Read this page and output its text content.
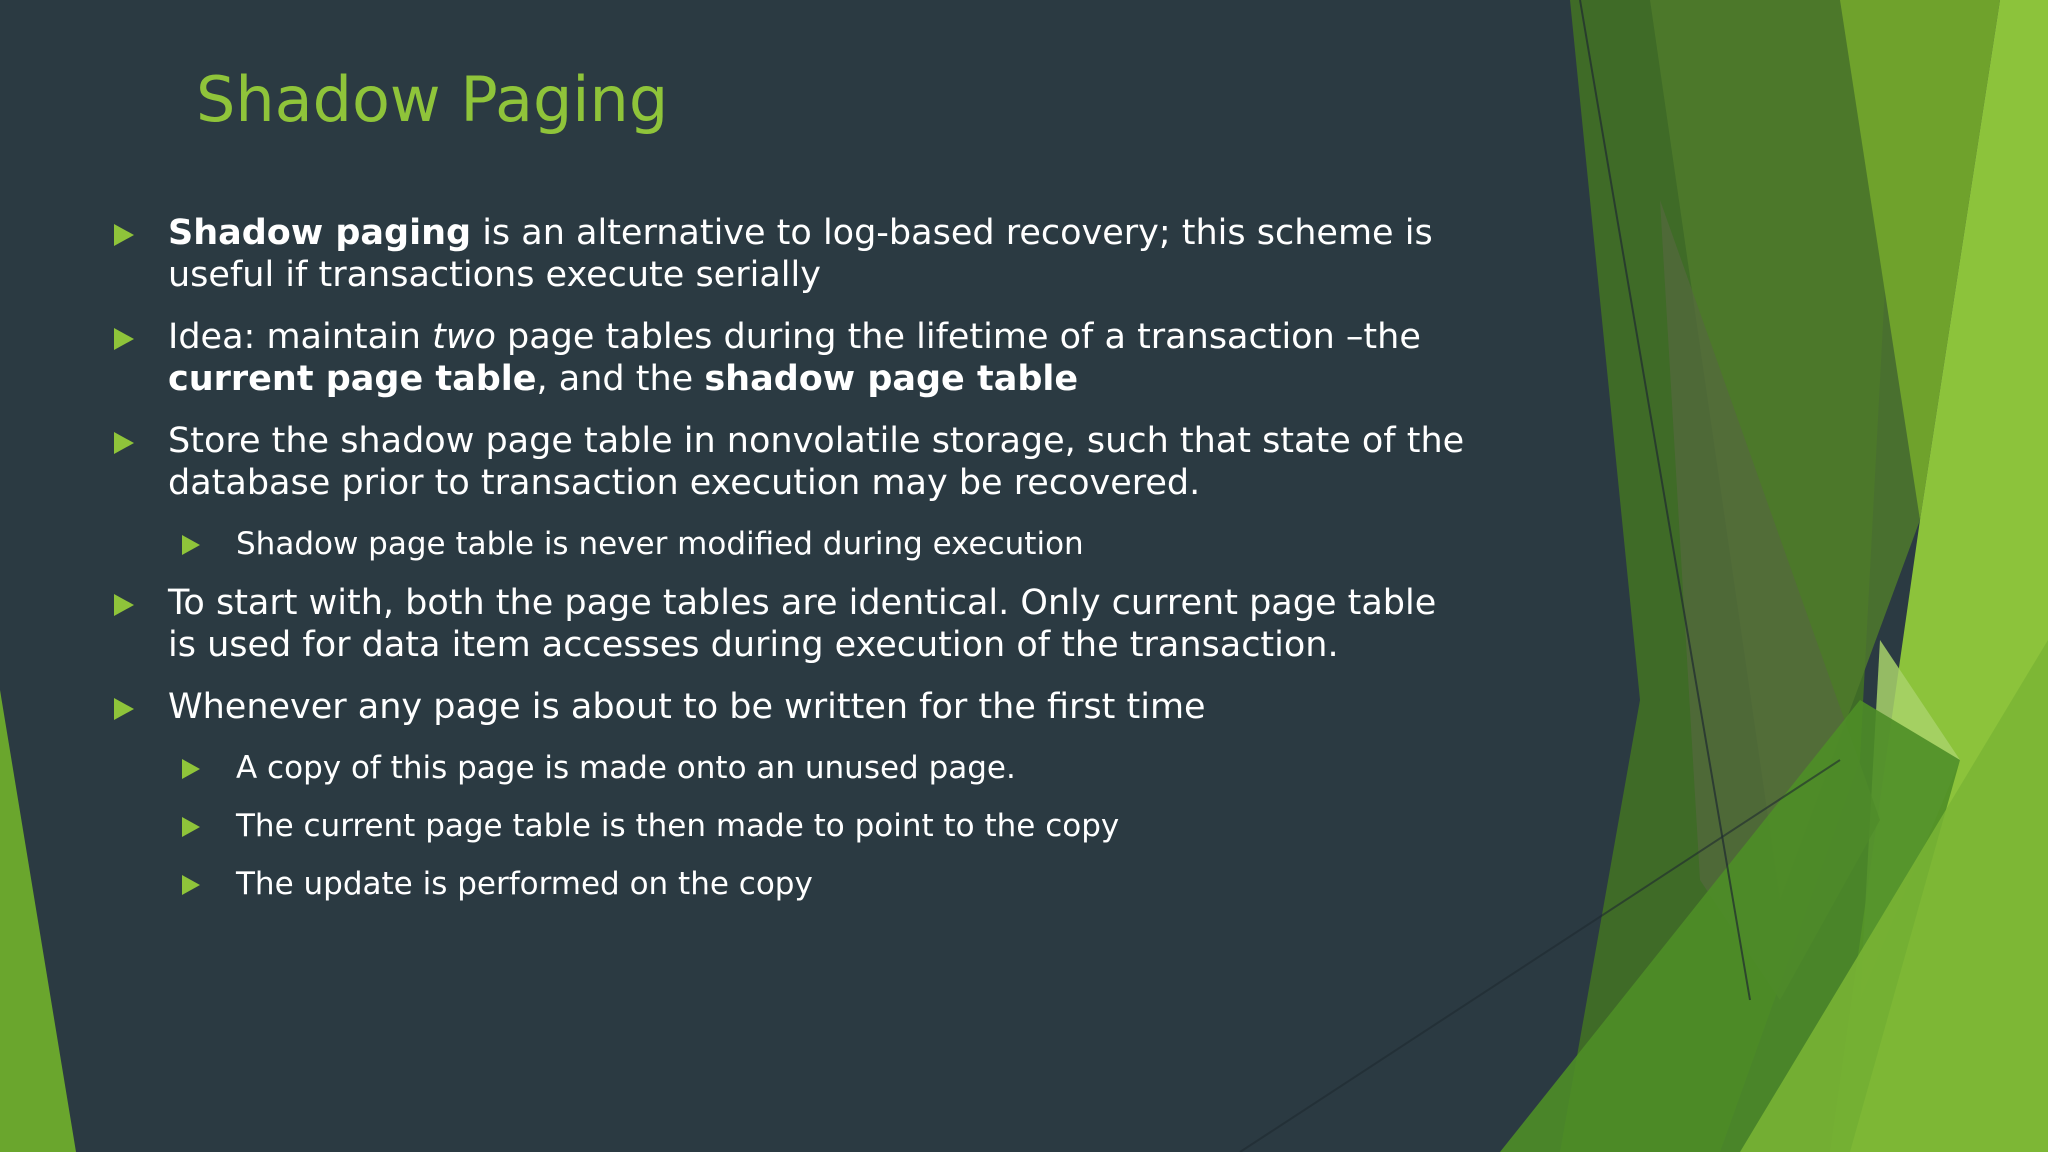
Shadow Paging
Shadow paging is an alternative to log-based recovery; this scheme is useful if transactions execute serially
Idea: maintain two page tables during the lifetime of a transaction –the current page table, and the shadow page table
Store the shadow page table in nonvolatile storage, such that state of the database prior to transaction execution may be recovered.
Shadow page table is never modified during execution
To start with, both the page tables are identical. Only current page table is used for data item accesses during execution of the transaction.
Whenever any page is about to be written for the first time
A copy of this page is made onto an unused page.
The current page table is then made to point to the copy
The update is performed on the copy
